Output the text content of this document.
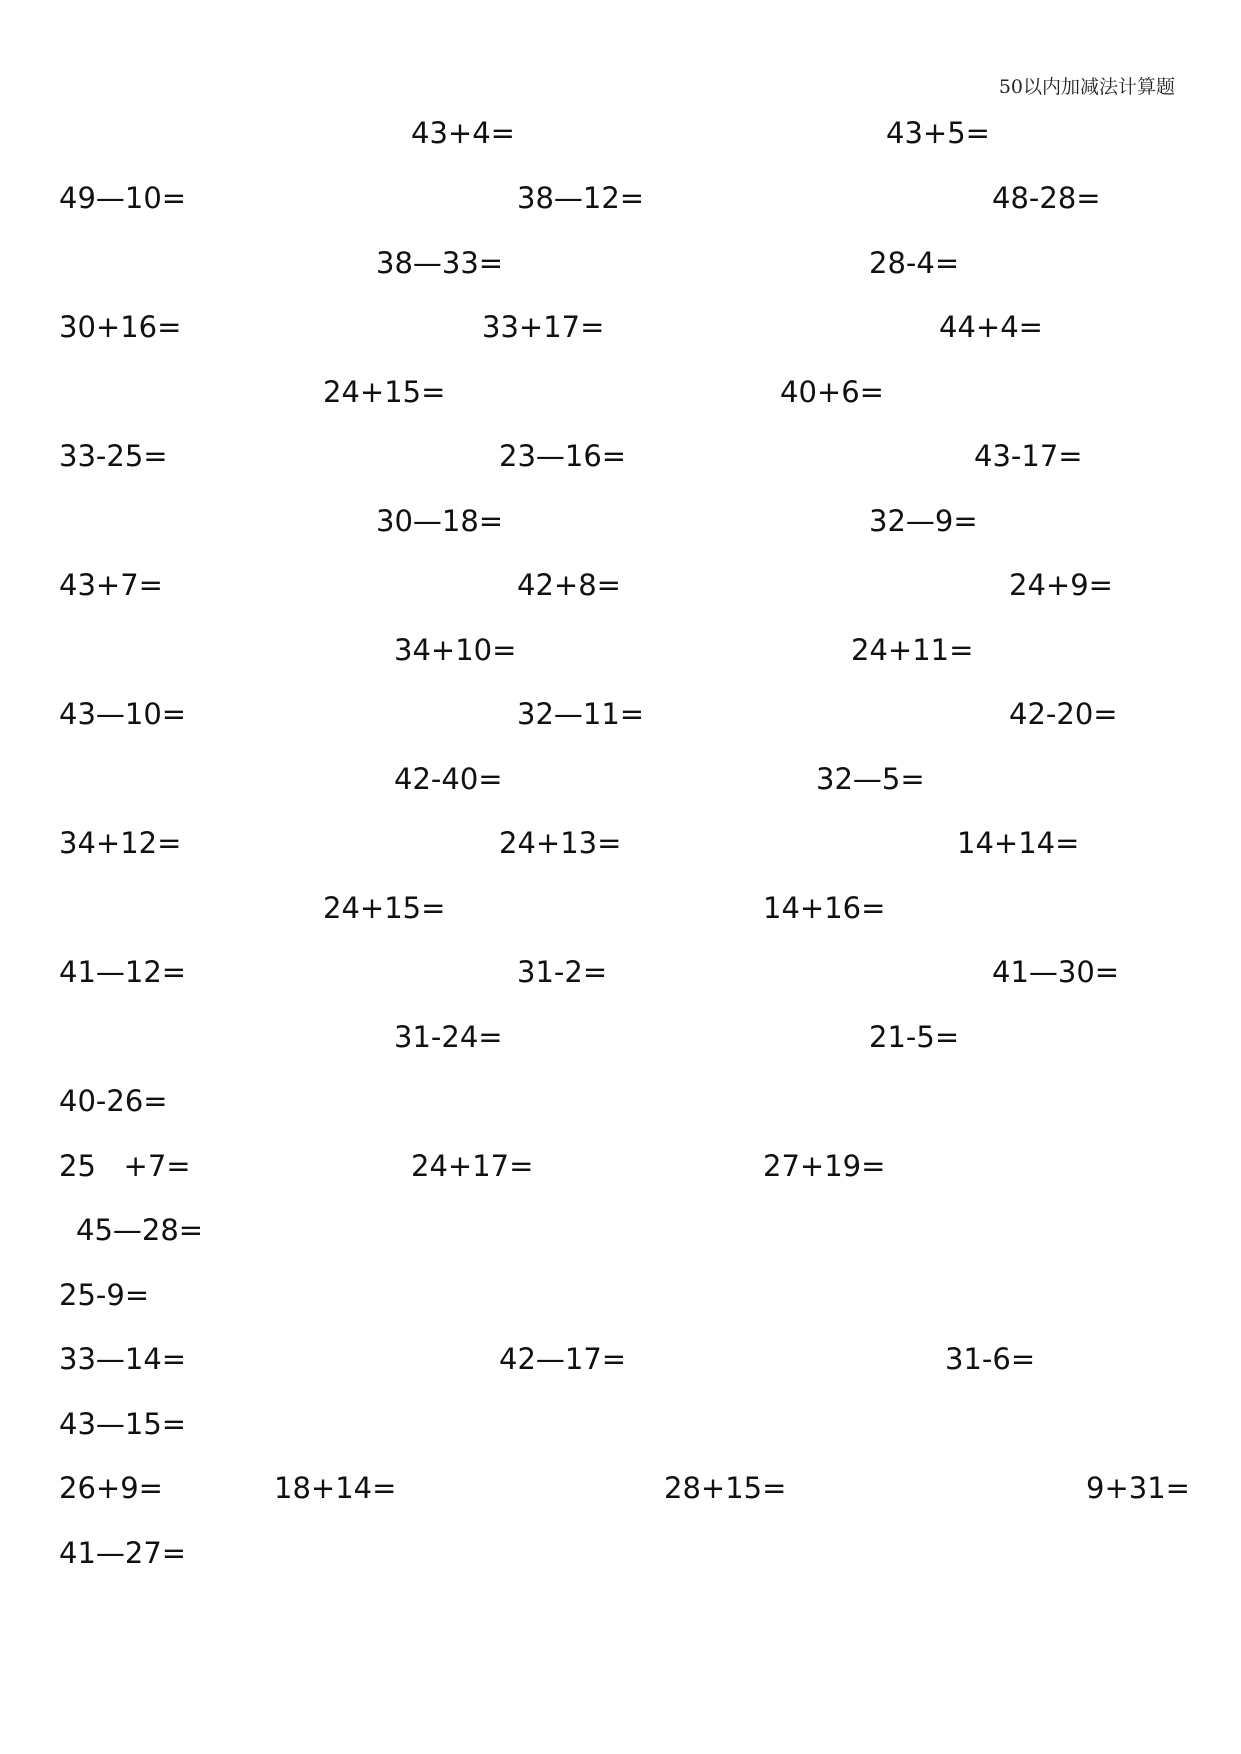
50以内加减法计算题
43+4=	43+5=
49—10=	38—12=	48-28=
38—33=	28-4=
30+16=	33+17=	44+4=
24+15=	40+6=
33-25=	23—16=	43-17=
30—18=	32—9=
43+7=	42+8=	24+9=
34+10=	24+11=
43—10=	32—11=	42-20=
42-40=	32—5=
34+12=	24+13=	14+14=
24+15=	14+16=
41—12=	31-2=	41—30=
31-24=	21-5=
40-26=
25   +7=	24+17=	27+19=
45—28=
25-9=
33—14=	42—17=	31-6=
43—15=
26+9=	18+14=	28+15=	9+31=
41—27=
